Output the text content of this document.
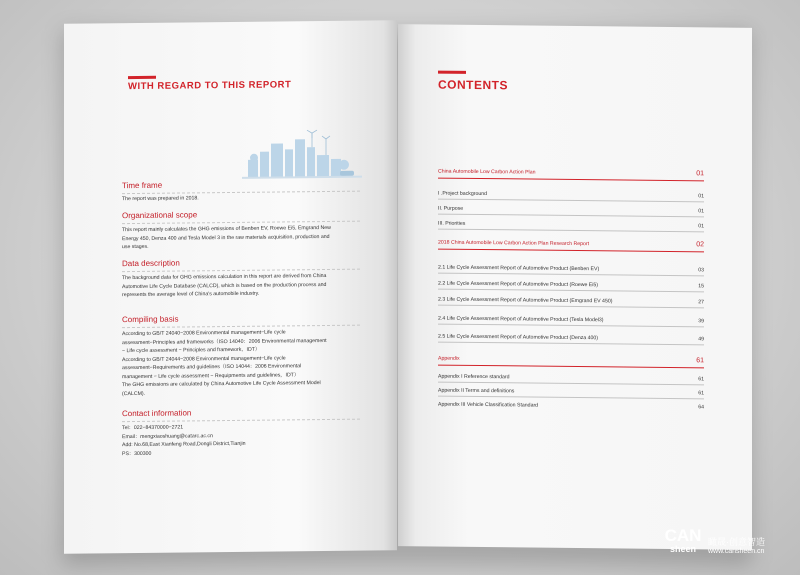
WITH REGARD TO THIS REPORT
Time frame
The report was prepared in 2018.
Organizational scope
This report mainly calculates the GHG emissions of Benben EV, Roewe Ei5, Emgrand New
Energy 450, Denza 400 and Tesla Model 3 in the raw materials acquisition, production and
use stages.
Data description
The background data for GHG emissions calculation in this report are derived from China
Automotive Life Cycle Database (CALCD), which is based on the production process and
represents the average level of China's automobile industry.
Compiling basis
According to GB/T 24040−2008 Environmental management−Life cycle
assessment−Principles and frameworks（ISO 14040：2006 Environmental management
− Life cycle assessment − Principles and framework，IDT）
According to GB/T 24044−2008 Environmental management−Life cycle
assessment−Requirements and guidelines（ISO 14044：2006 Environmental
management − Life cycle assessment − Requipments and guidelines，IDT）
The GHG emissions are calculated by China Automotive Life Cycle Assessment Model
(CALCM).
Contact information
Tel：022−84370000−2721
Email：mengxiaoshuang@catarc.ac.cn
Add: No.68,East Xianfeng Road,Dongli District,Tianjin
PS：300300
CONTENTS
China Automobile Low Carbon Action Plan	01
I .Project background	01
II. Purpose	01
III. Priorities	01
2018 China Automobile Low Carbon Action Plan Research Report	02
2.1 Life Cycle Assessment Report of Automotive Product (Benben EV)	03
2.2 Life Cycle Assessment Report of Automotive Product (Roewe Ei5)	15
2.3 Life Cycle Assessment Report of Automotive Product (Emgrand EV 450)	27
2.4 Life Cycle Assessment Report of Automotive Product (Tesla Model3)	39
2.5 Life Cycle Assessment Report of Automotive Product (Denza 400)	49
Appendix	61
Appendix I Reference standard	61
Appendix II Terms and definitions	61
Appendix III Vehicle Classification Standard	64
CAN
sheen
瞰晟·创意智造
www.cansheen.cn
